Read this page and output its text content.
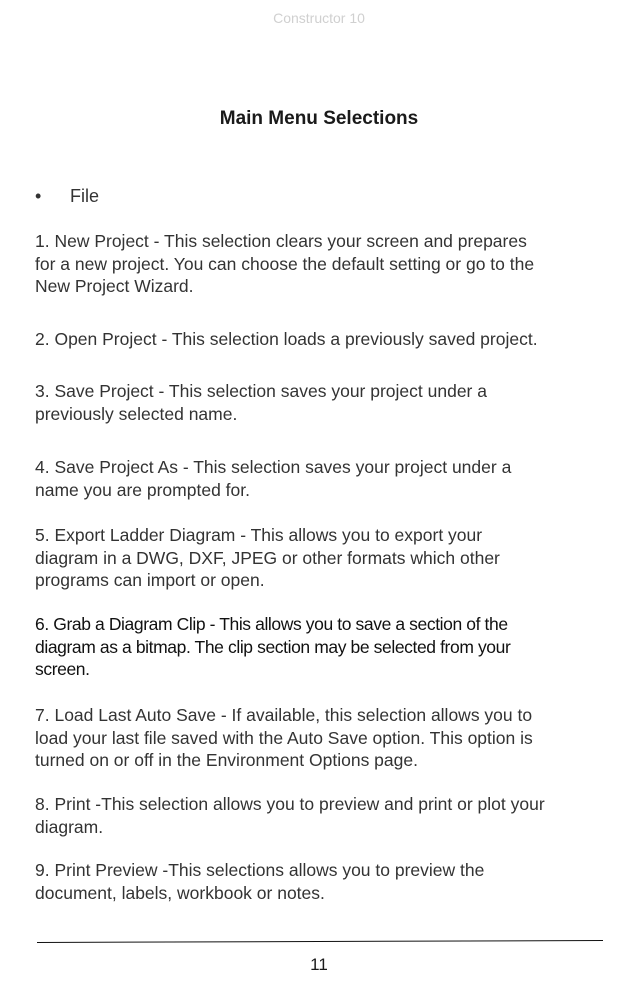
Constructor 10
Main Menu Selections
• File
1. New Project - This selection clears your screen and prepares
for a new project. You can choose the default setting or go to the
New Project Wizard.
2. Open Project - This selection loads a previously saved project.
3. Save Project - This selection saves your project under a
previously selected name.
4. Save Project As - This selection saves your project under a
name you are prompted for.
5. Export Ladder Diagram - This allows you to export your
diagram in a DWG, DXF, JPEG or other formats which other
programs can import or open.
6. Grab a Diagram Clip - This allows you to save a section of the
diagram as a bitmap. The clip section may be selected from your
screen.
7. Load Last Auto Save - If available, this selection allows you to
load your last file saved with the Auto Save option. This option is
turned on or off in the Environment Options page.
8. Print -This selection allows you to preview and print or plot your
diagram.
9. Print Preview -This selections allows you to preview the
document, labels, workbook or notes.
11
